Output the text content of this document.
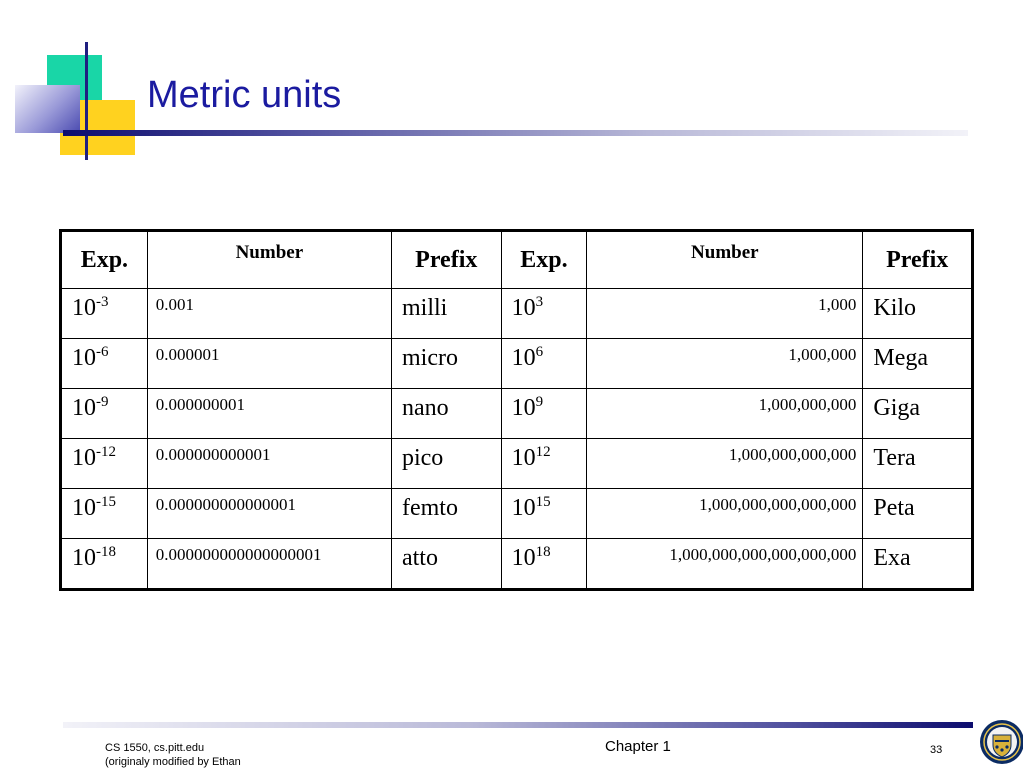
Metric units
Exp.	Number	Prefix	Exp.	Number	Prefix
$10^{-3}$	0.001	milli	$10^3$	1,000	Kilo
$10^{-6}$	0.000001	micro	$10^6$	1,000,000	Mega
$10^{-9}$	0.000000001	nano	$10^9$	1,000,000,000	Giga
$10^{-12}$	0.000000000001	pico	$10^{12}$	1,000,000,000,000	Tera
$10^{-15}$	0.000000000000001	femto	$10^{15}$	1,000,000,000,000,000	Peta
$10^{-18}$	0.000000000000000001	atto	$10^{18}$	1,000,000,000,000,000,000	Exa
CS 1550, cs.pitt.edu
(originaly modified by Ethan
Chapter 1	33
